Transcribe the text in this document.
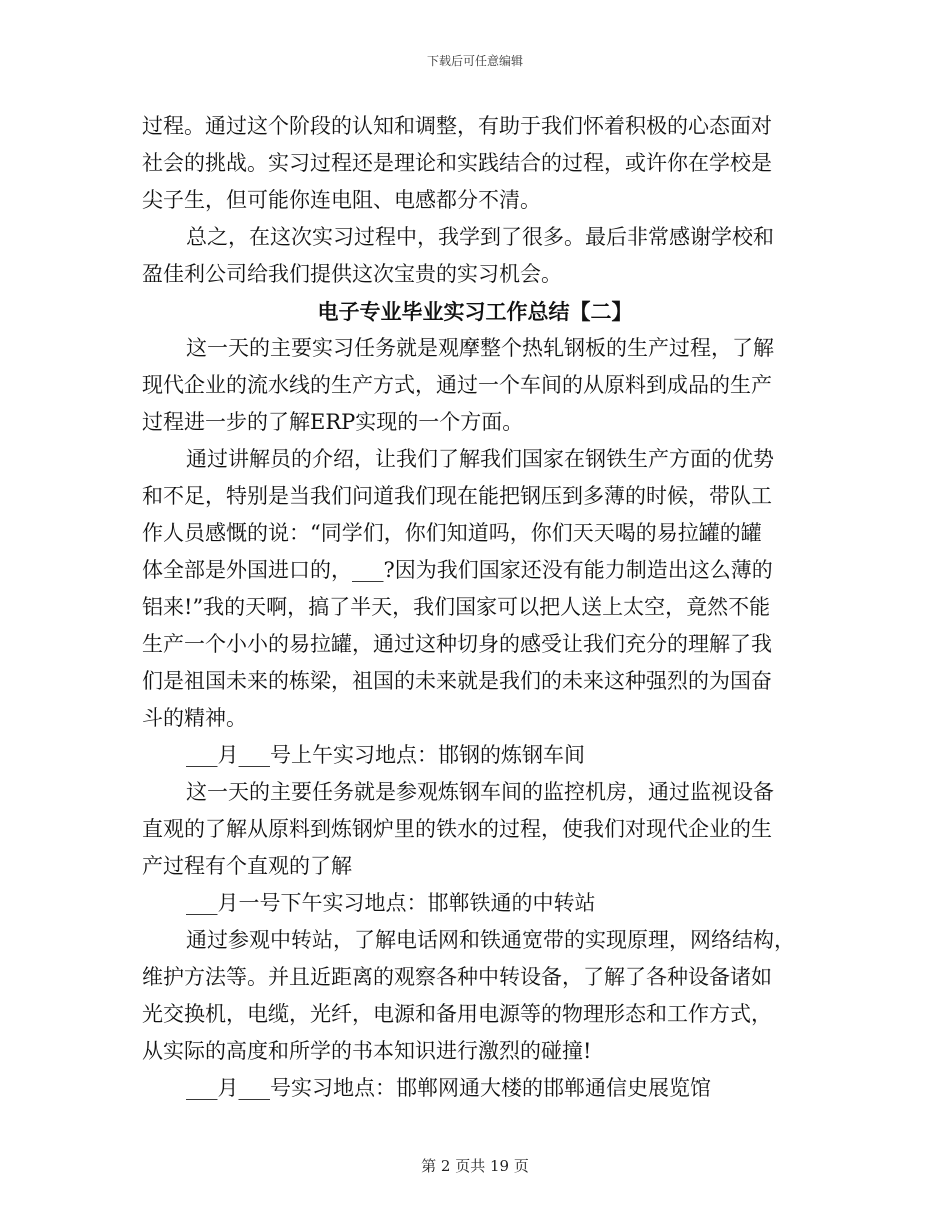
下载后可任意编辑
过程。通过这个阶段的认知和调整，有助于我们怀着积极的心态面对
社会的挑战。实习过程还是理论和实践结合的过程，或许你在学校是
尖子生，但可能你连电阻、电感都分不清。
总之，在这次实习过程中，我学到了很多。最后非常感谢学校和
盈佳利公司给我们提供这次宝贵的实习机会。
电子专业毕业实习工作总结【二】
这一天的主要实习任务就是观摩整个热轧钢板的生产过程，了解
现代企业的流水线的生产方式，通过一个车间的从原料到成品的生产
过程进一步的了解ERP实现的一个方面。
通过讲解员的介绍，让我们了解我们国家在钢铁生产方面的优势
和不足，特别是当我们问道我们现在能把钢压到多薄的时候，带队工
作人员感慨的说：“同学们，你们知道吗，你们天天喝的易拉罐的罐
体全部是外国进口的，___?因为我们国家还没有能力制造出这么薄的
铝来!”我的天啊，搞了半天，我们国家可以把人送上太空，竟然不能
生产一个小小的易拉罐，通过这种切身的感受让我们充分的理解了我
们是祖国未来的栋梁，祖国的未来就是我们的未来这种强烈的为国奋
斗的精神。
___月___号上午实习地点：邯钢的炼钢车间
这一天的主要任务就是参观炼钢车间的监控机房，通过监视设备
直观的了解从原料到炼钢炉里的铁水的过程，使我们对现代企业的生
产过程有个直观的了解
___月一号下午实习地点：邯郸铁通的中转站
通过参观中转站，了解电话网和铁通宽带的实现原理，网络结构，
维护方法等。并且近距离的观察各种中转设备，了解了各种设备诸如
光交换机，电缆，光纤，电源和备用电源等的物理形态和工作方式，
从实际的高度和所学的书本知识进行激烈的碰撞!
___月___号实习地点：邯郸网通大楼的邯郸通信史展览馆
第 2 页共 19 页
